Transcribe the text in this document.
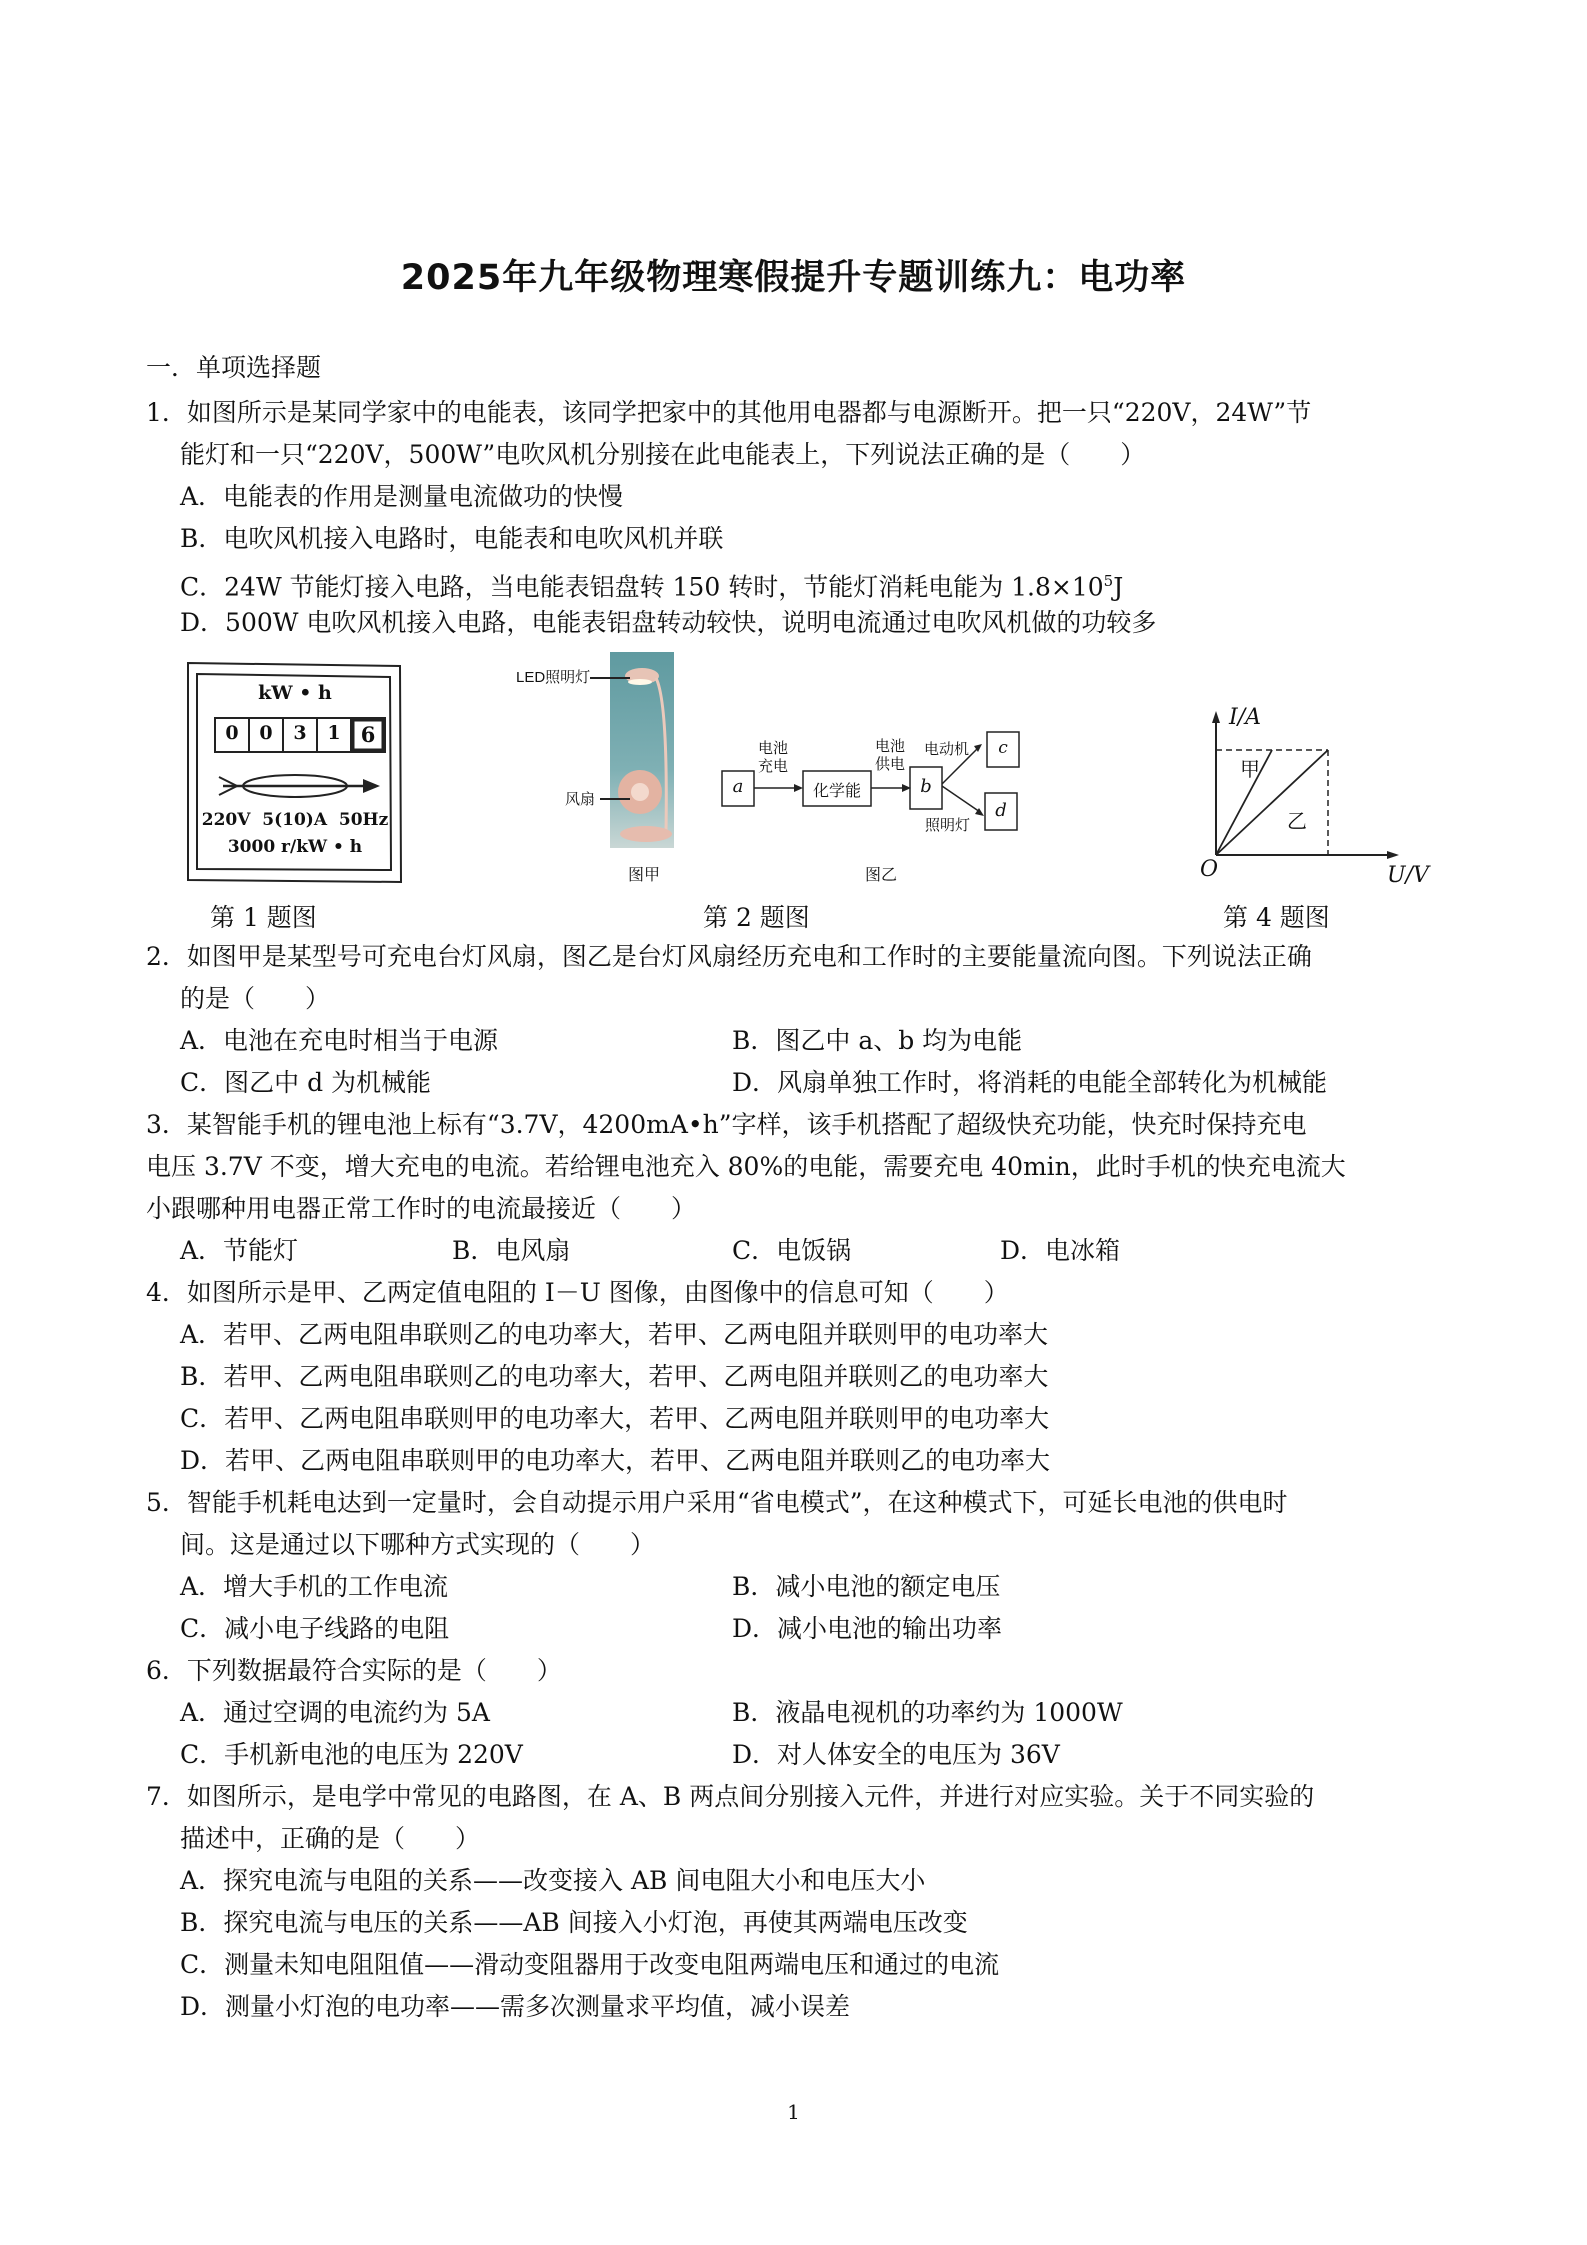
2025年九年级物理寒假提升专题训练九：电功率
一．单项选择题
1．如图所示是某同学家中的电能表，该同学把家中的其他用电器都与电源断开。把一只“220V，24W”节
能灯和一只“220V，500W”电吹风机分别接在此电能表上，下列说法正确的是（　　）
A．电能表的作用是测量电流做功的快慢
B．电吹风机接入电路时，电能表和电吹风机并联
C．24W 节能灯接入电路，当电能表铝盘转 150 转时，节能灯消耗电能为 $1.8\times 10^5J$
D．500W 电吹风机接入电路，电能表铝盘转动较快，说明电流通过电吹风机做的功较多
kW • h
0	0	3	1 6
220V  5(10)A  50Hz
3000 r/kW • h
LED照明灯
风扇
图甲
a	化学能	b
c
d
电池
充电
电池
供电
电动机
照明灯
图乙
I/A
U/V
O
甲
乙
第 1 题图	第 2 题图	第 4 题图
2．如图甲是某型号可充电台灯风扇，图乙是台灯风扇经历充电和工作时的主要能量流向图。下列说法正确
的是（　　）
A．电池在充电时相当于电源	B．图乙中 a、b 均为电能
C．图乙中 d 为机械能	D．风扇单独工作时，将消耗的电能全部转化为机械能
3．某智能手机的锂电池上标有“3.7V，4200mA•h”字样，该手机搭配了超级快充功能，快充时保持充电
电压 3.7V 不变，增大充电的电流。若给锂电池充入 80%的电能，需要充电 40min，此时手机的快充电流大
小跟哪种用电器正常工作时的电流最接近（　　）
A．节能灯	B．电风扇	C．电饭锅	D．电冰箱
4．如图所示是甲、乙两定值电阻的 I－U 图像，由图像中的信息可知（　　）
A．若甲、乙两电阻串联则乙的电功率大，若甲、乙两电阻并联则甲的电功率大
B．若甲、乙两电阻串联则乙的电功率大，若甲、乙两电阻并联则乙的电功率大
C．若甲、乙两电阻串联则甲的电功率大，若甲、乙两电阻并联则甲的电功率大
D．若甲、乙两电阻串联则甲的电功率大，若甲、乙两电阻并联则乙的电功率大
5．智能手机耗电达到一定量时，会自动提示用户采用“省电模式”，在这种模式下，可延长电池的供电时
间。这是通过以下哪种方式实现的（　　）
A．增大手机的工作电流	B．减小电池的额定电压
C．减小电子线路的电阻	D．减小电池的输出功率
6．下列数据最符合实际的是（　　）
A．通过空调的电流约为 5A	B．液晶电视机的功率约为 1000W
C．手机新电池的电压为 220V	D．对人体安全的电压为 36V
7．如图所示，是电学中常见的电路图，在 A、B 两点间分别接入元件，并进行对应实验。关于不同实验的
描述中，正确的是（　　）
A．探究电流与电阻的关系——改变接入 AB 间电阻大小和电压大小
B．探究电流与电压的关系——AB 间接入小灯泡，再使其两端电压改变
C．测量未知电阻阻值——滑动变阻器用于改变电阻两端电压和通过的电流
D．测量小灯泡的电功率——需多次测量求平均值，减小误差
1
